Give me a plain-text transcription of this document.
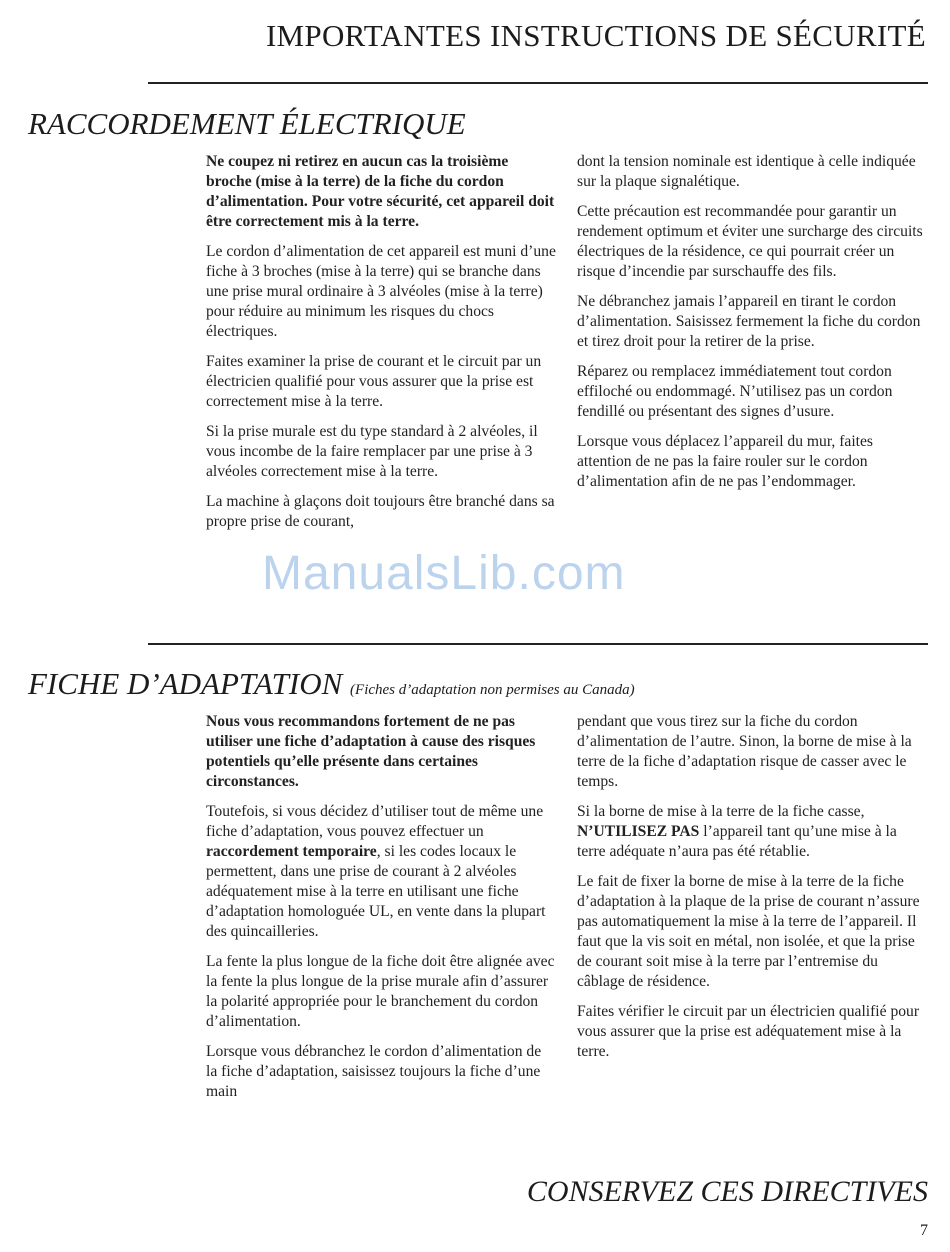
IMPORTANTES INSTRUCTIONS DE SÉCURITÉ
RACCORDEMENT ÉLECTRIQUE

Ne coupez ni retirez en aucun cas la troisième broche (mise à la terre) de la fiche du cordon d’alimentation. Pour votre sécurité, cet appareil doit être correctement mis à la terre.

Le cordon d’alimentation de cet appareil est muni d’une fiche à 3 broches (mise à la terre) qui se branche dans une prise mural ordinaire à 3 alvéoles (mise à la terre) pour réduire au minimum les risques du chocs électriques.

Faites examiner la prise de courant et le circuit par un électricien qualifié pour vous assurer que la prise est correctement mise à la terre.

Si la prise murale est du type standard à 2 alvéoles, il vous incombe de la faire remplacer par une prise à 3 alvéoles correctement mise à la terre.

La machine à glaçons doit toujours être branché dans sa propre prise de courant,

dont la tension nominale est identique à celle indiquée sur la plaque signalétique.

Cette précaution est recommandée pour garantir un rendement optimum et éviter une surcharge des circuits électriques de la résidence, ce qui pourrait créer un risque d’incendie par surschauffe des fils.

Ne débranchez jamais l’appareil en tirant le cordon d’alimentation. Saisissez fermement la fiche du cordon et tirez droit pour la retirer de la prise.

Réparez ou remplacez immédiatement tout cordon effiloché ou endommagé. N’utilisez pas un cordon fendillé ou présentant des signes d’usure.

Lorsque vous déplacez l’appareil du mur, faites attention de ne pas la faire rouler sur le cordon d’alimentation afin de ne pas l’endommager.

ManualsLib.com
FICHE D’ADAPTATION (Fiches d’adaptation non permises au Canada)

Nous vous recommandons fortement de ne pas utiliser une fiche d’adaptation à cause des risques potentiels qu’elle présente dans certaines circonstances.

Toutefois, si vous décidez d’utiliser tout de même une fiche d’adaptation, vous pouvez effectuer un raccordement temporaire, si les codes locaux le permettent, dans une prise de courant à 2 alvéoles adéquatement mise à la terre en utilisant une fiche d’adaptation homologuée UL, en vente dans la plupart des quincailleries.

La fente la plus longue de la fiche doit être alignée avec la fente la plus longue de la prise murale afin d’assurer la polarité appropriée pour le branchement du cordon d’alimentation.

Lorsque vous débranchez le cordon d’alimentation de la fiche d’adaptation, saisissez toujours la fiche d’une main

pendant que vous tirez sur la fiche du cordon d’alimentation de l’autre. Sinon, la borne de mise à la terre de la fiche d’adaptation risque de casser avec le temps.

Si la borne de mise à la terre de la fiche casse, N’UTILISEZ PAS l’appareil tant qu’une mise à la terre adéquate n’aura pas été rétablie.

Le fait de fixer la borne de mise à la terre de la fiche d’adaptation à la plaque de la prise de courant n’assure pas automatiquement la mise à la terre de l’appareil. Il faut que la vis soit en métal, non isolée, et que la prise de courant soit mise à la terre par l’entremise du câblage de résidence.

Faites vérifier le circuit par un électricien qualifié pour vous assurer que la prise est adéquatement mise à la terre.

CONSERVEZ CES DIRECTIVES
7
